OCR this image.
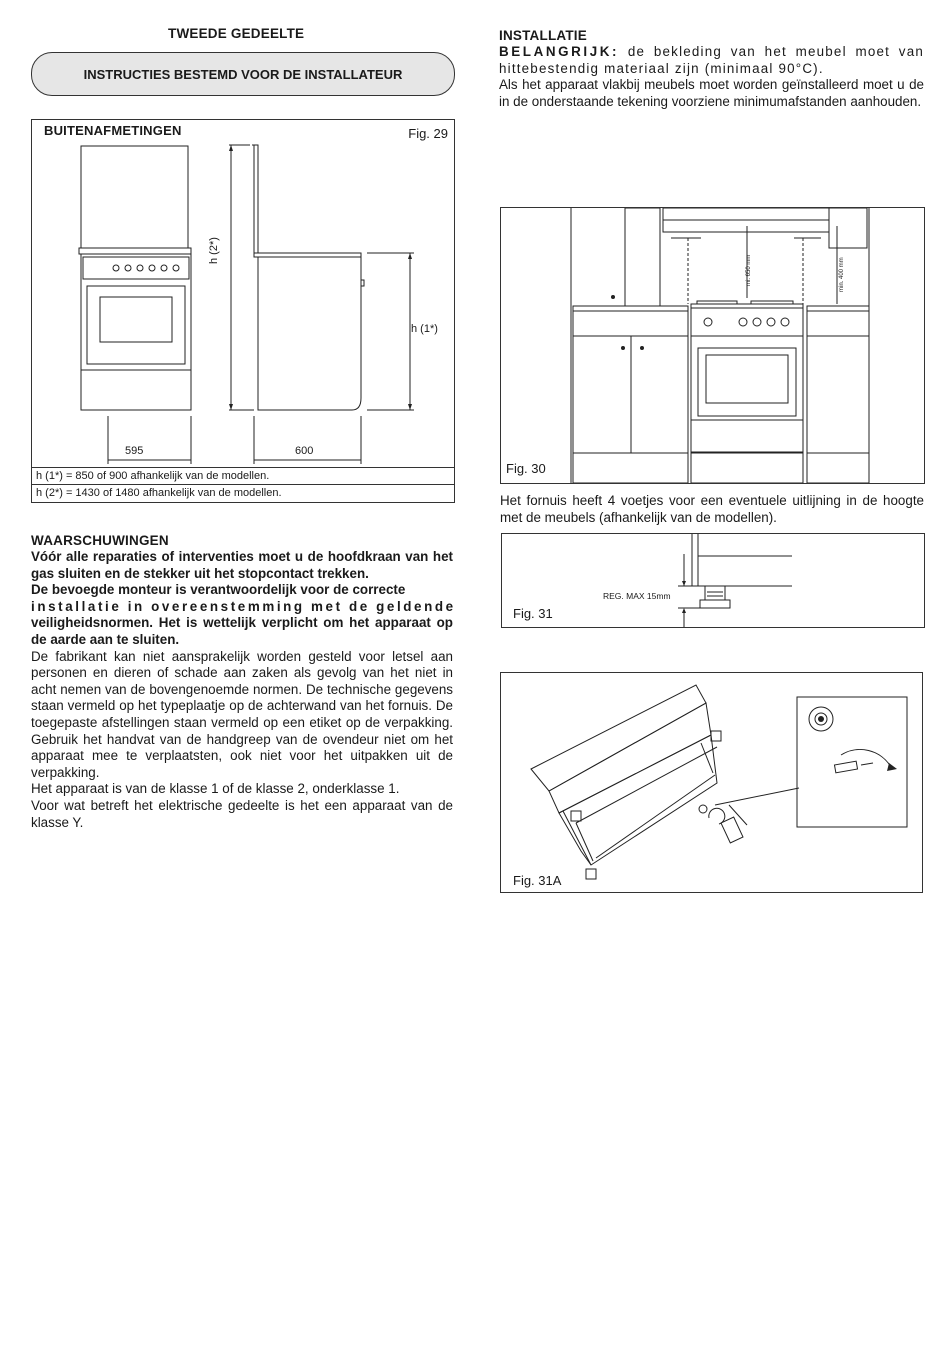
TWEEDE GEDEELTE
INSTRUCTIES BESTEMD VOOR DE INSTALLATEUR
BUITENAFMETINGEN	Fig. 29
h (2*)
h (1*)
595	600
h (1*) = 850 of 900 afhankelijk van de modellen.
h (2*) = 1430 of 1480 afhankelijk van de modellen.
WAARSCHUWINGEN

Vóór alle reparaties of interventies moet u de hoofdkraan van het gas sluiten en de stekker uit het stopcontact trekken.

De bevoegde monteur is verantwoordelijk voor de correcte

installatie in overeenstemming met de geldende

veiligheidsnormen. Het is wettelijk verplicht om het apparaat op de aarde aan te sluiten.

De fabrikant kan niet aansprakelijk worden gesteld voor letsel aan personen en dieren of schade aan zaken als gevolg van het niet in acht nemen van de bovengenoemde normen. De technische gegevens staan vermeld op het typeplaatje op de achterwand van het fornuis. De toegepaste afstellingen staan vermeld op een etiket op de verpakking. Gebruik het handvat van de handgreep van de ovendeur niet om het apparaat mee te verplaatsten, ook niet voor het uitpakken uit de verpakking.

Het apparaat is van de klasse 1 of de klasse 2, onderklasse 1.

Voor wat betreft het elektrische gedeelte is het een apparaat van de klasse Y.

INSTALLATIE

BELANGRIJK: de bekleding van het meubel moet van hittebestendig materiaal zijn (minimaal 90°C).

Als het apparaat vlakbij meubels moet worden geïnstalleerd moet u de in de onderstaande tekening voorziene minimumafstanden aanhouden.

mi. 650 mm	min. 400 mm
Fig. 30
Het fornuis heeft 4 voetjes voor een eventuele uitlijning in de hoogte met de meubels (afhankelijk van de modellen).
REG. MAX 15mm
Fig. 31
Fig. 31A
